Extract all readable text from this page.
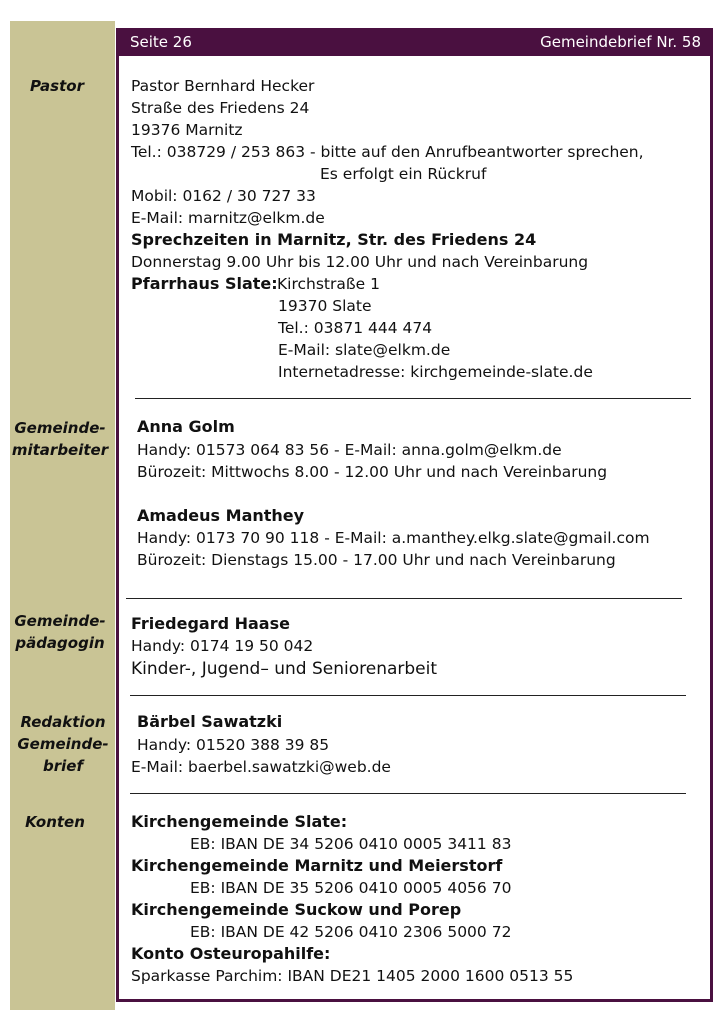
Seite 26	Gemeindebrief Nr. 58
Pastor
Gemeinde-
mitarbeiter
Gemeinde-
pädagogin
Redaktion
Gemeinde-
brief
Konten
Pastor Bernhard Hecker
Straße des Friedens 24
19376 Marnitz
Tel.: 038729 / 253 863 - bitte auf den Anrufbeantworter sprechen,
Es erfolgt ein Rückruf
Mobil: 0162 / 30 727 33
E-Mail: marnitz@elkm.de
Sprechzeiten in Marnitz, Str. des Friedens 24
Donnerstag 9.00 Uhr bis 12.00 Uhr und nach Vereinbarung
Pfarrhaus Slate: Kirchstraße 1
19370 Slate
Tel.: 03871 444 474
E-Mail: slate@elkm.de
Internetadresse: kirchgemeinde-slate.de
Anna Golm
Handy: 01573 064 83 56 - E-Mail: anna.golm@elkm.de
Bürozeit: Mittwochs 8.00 - 12.00 Uhr und nach Vereinbarung
Amadeus Manthey
Handy: 0173 70 90 118 - E-Mail: a.manthey.elkg.slate@gmail.com
Bürozeit: Dienstags 15.00 - 17.00 Uhr und nach Vereinbarung
Friedegard Haase
Handy: 0174 19 50 042
Kinder-, Jugend– und Seniorenarbeit
Bärbel Sawatzki
Handy: 01520 388 39 85
E-Mail: baerbel.sawatzki@web.de
Kirchengemeinde Slate:
EB: IBAN DE 34 5206 0410 0005 3411 83
Kirchengemeinde Marnitz und Meierstorf
EB: IBAN DE 35 5206 0410 0005 4056 70
Kirchengemeinde Suckow und Porep
EB: IBAN DE 42 5206 0410 2306 5000 72
Konto Osteuropahilfe:
Sparkasse Parchim: IBAN DE21 1405 2000 1600 0513 55
